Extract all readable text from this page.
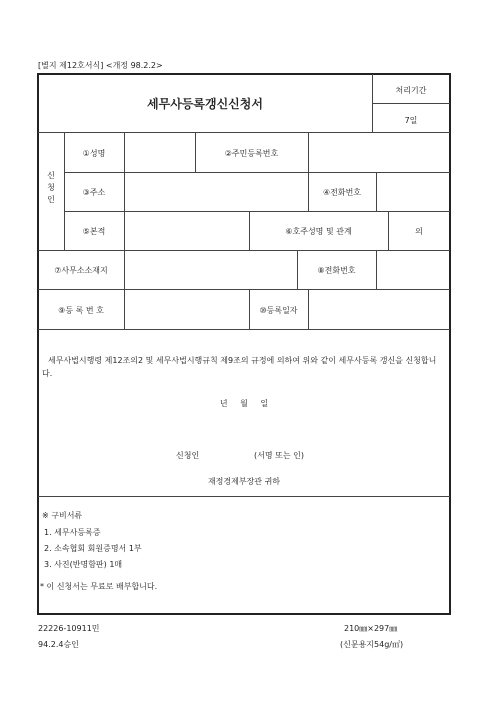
[별지 제12호서식] <개정 98.2.2>
세무사등록갱신신청서
처리기간
7일
신
청
인
①성명	②주민등록번호
③주소	④전화번호
⑤본적	⑥호주성명 및 관계	의
⑦사무소소재지	⑧전화번호
⑨등 록 번 호	⑩등록일자
세무사법시행령 제12조의2 및 세무사법시행규칙 제9조의 규정에 의하여 위와 같이 세무사등록 갱신을 신청합니다.
년 월 일
신청인	(서명 또는 인)
재정경제부장관 귀하
※ 구비서류
1. 세무사등록증
2. 소속협회 회원증명서 1부
3. 사진(반명함판) 1매
* 이 신청서는 무료로 배부합니다.
22226-10911민
94.2.4승인
210㎜×297㎜
(신문용지54g/㎡)
